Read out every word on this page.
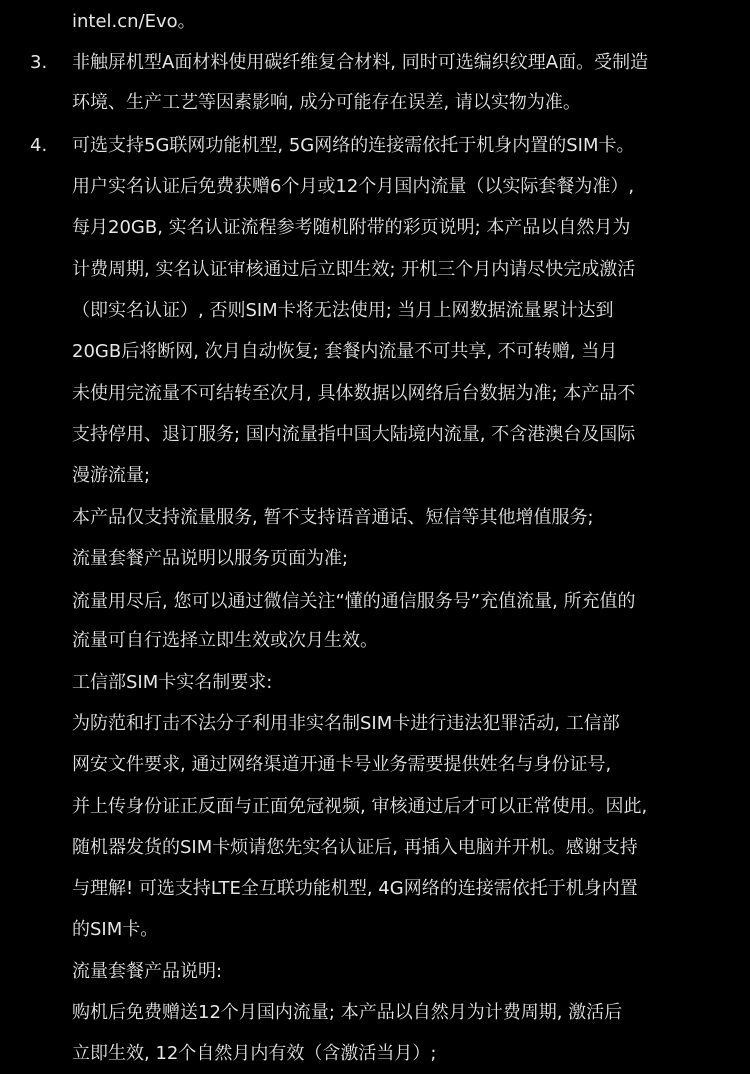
intel.cn/Evo。
3. 非触屏机型A面材料使用碳纤维复合材料, 同时可选编织纹理A面。受制造
环境、生产工艺等因素影响, 成分可能存在误差, 请以实物为准。
4. 可选支持5G联网功能机型, 5G网络的连接需依托于机身内置的SIM卡。
用户实名认证后免费获赠6个月或12个月国内流量（以实际套餐为准）,
每月20GB, 实名认证流程参考随机附带的彩页说明; 本产品以自然月为
计费周期, 实名认证审核通过后立即生效; 开机三个月内请尽快完成激活
（即实名认证）, 否则SIM卡将无法使用; 当月上网数据流量累计达到
20GB后将断网, 次月自动恢复; 套餐内流量不可共享, 不可转赠, 当月
未使用完流量不可结转至次月, 具体数据以网络后台数据为准; 本产品不
支持停用、退订服务; 国内流量指中国大陆境内流量, 不含港澳台及国际
漫游流量;
本产品仅支持流量服务, 暂不支持语音通话、短信等其他增值服务;
流量套餐产品说明以服务页面为准;
流量用尽后, 您可以通过微信关注“懂的通信服务号”充值流量, 所充值的
流量可自行选择立即生效或次月生效。
工信部SIM卡实名制要求:
为防范和打击不法分子利用非实名制SIM卡进行违法犯罪活动, 工信部
网安文件要求, 通过网络渠道开通卡号业务需要提供姓名与身份证号,
并上传身份证正反面与正面免冠视频, 审核通过后才可以正常使用。因此,
随机器发货的SIM卡烦请您先实名认证后, 再插入电脑并开机。感谢支持
与理解! 可选支持LTE全互联功能机型, 4G网络的连接需依托于机身内置
的SIM卡。
流量套餐产品说明:
购机后免费赠送12个月国内流量; 本产品以自然月为计费周期, 激活后
立即生效, 12个自然月内有效（含激活当月）;
